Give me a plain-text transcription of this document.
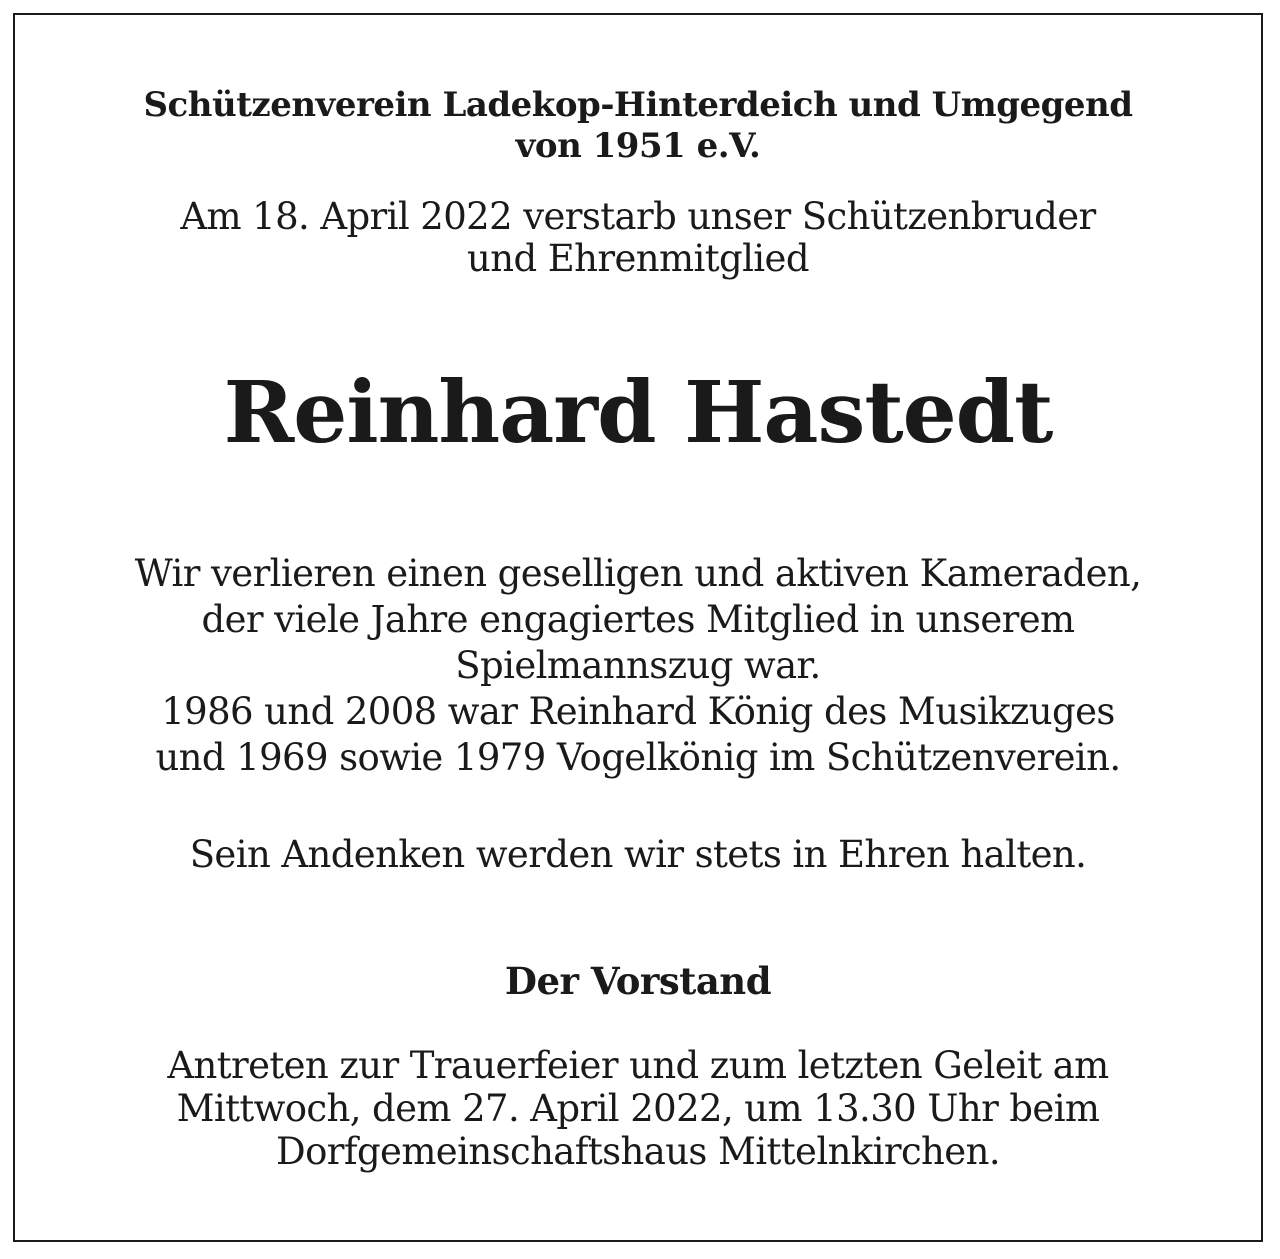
Schützenverein Ladekop-Hinterdeich und Umgegend
von 1951 e.V.
Am 18. April 2022 verstarb unser Schützenbruder
und Ehrenmitglied
Reinhard Hastedt
Wir verlieren einen geselligen und aktiven Kameraden,
der viele Jahre engagiertes Mitglied in unserem
Spielmannszug war.
1986 und 2008 war Reinhard König des Musikzuges
und 1969 sowie 1979 Vogelkönig im Schützenverein.
Sein Andenken werden wir stets in Ehren halten.
Der Vorstand
Antreten zur Trauerfeier und zum letzten Geleit am
Mittwoch, dem 27. April 2022, um 13.30 Uhr beim
Dorfgemeinschaftshaus Mittelnkirchen.
